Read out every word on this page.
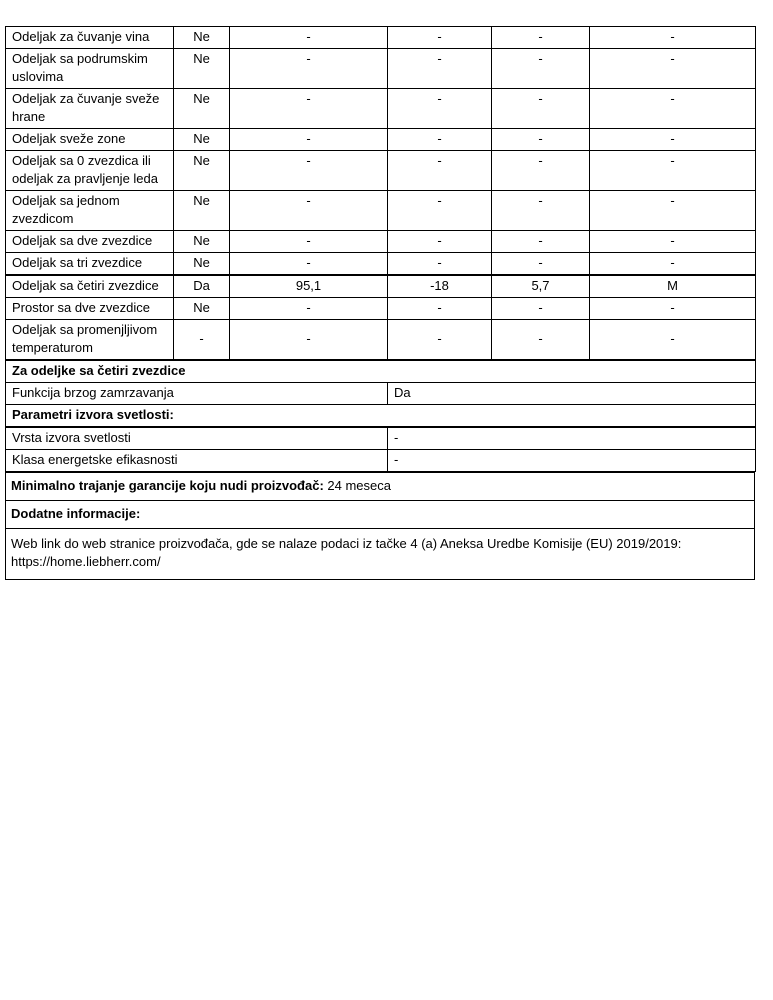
Odeljak za čuvanje vina	Ne	-	-	-	-
Odeljak sa podrumskim uslovima	Ne	-	-	-	-
Odeljak za čuvanje sveže hrane	Ne	-	-	-	-
Odeljak sveže zone	Ne	-	-	-	-
Odeljak sa 0 zvezdica ili odeljak za pravljenje leda	Ne	-	-	-	-
Odeljak sa jednom zvezdicom	Ne	-	-	-	-
Odeljak sa dve zvezdice	Ne	-	-	-	-
Odeljak sa tri zvezdice	Ne	-	-	-	-
Odeljak sa četiri zvezdice	Da	95,1	-18	5,7	M
Prostor sa dve zvezdice	Ne	-	-	-	-
Odeljak sa promenjljivom temperaturom	-	-	-	-	-
Za odeljke sa četiri zvezdice					
Funkcija brzog zamrzavanja			Da		
Parametri izvora svetlosti:					
Vrsta izvora svetlosti			-		
Klasa energetske efikasnosti			-		
Minimalno trajanje garancije koju nudi proizvođač: 24 meseca
Dodatne informacije:
Web link do web stranice proizvođača, gde se nalaze podaci iz tačke 4 (a) Aneksa Uredbe Komisije (EU) 2019/2019: https://home.liebherr.com/
